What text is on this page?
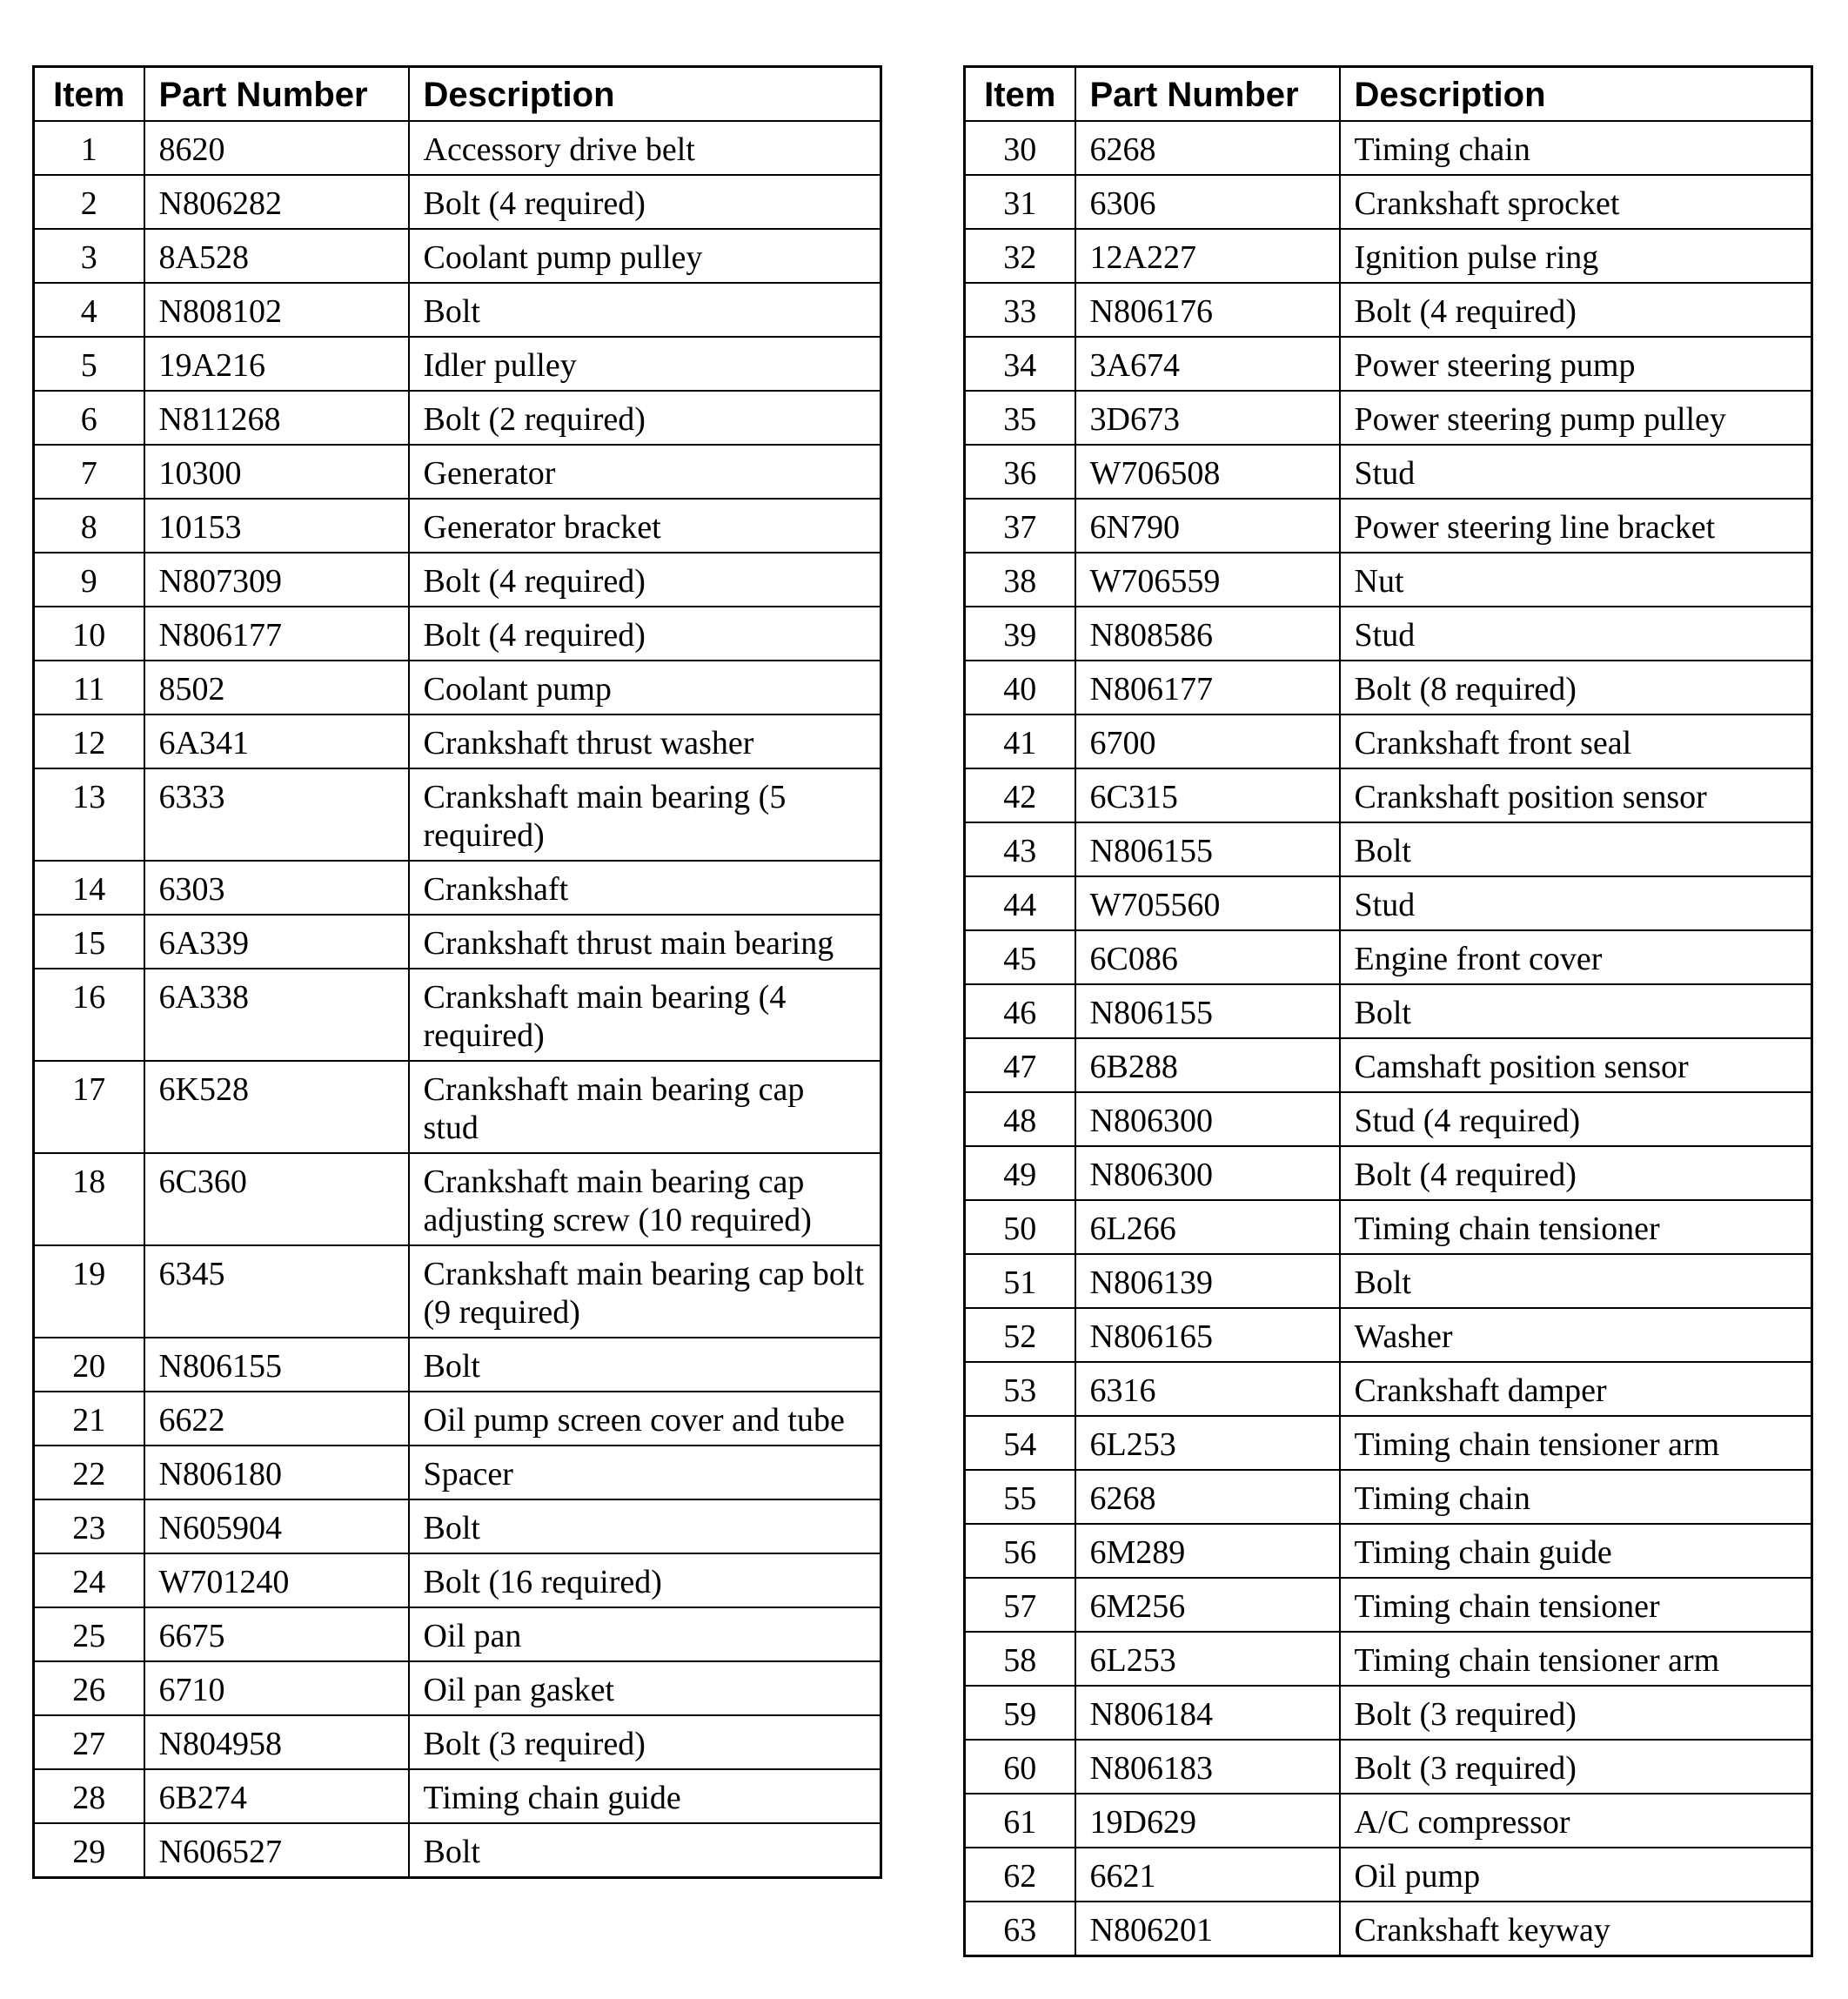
Item	Part Number	Description
1	8620	Accessory drive belt
2	N806282	Bolt (4 required)
3	8A528	Coolant pump pulley
4	N808102	Bolt
5	19A216	Idler pulley
6	N811268	Bolt (2 required)
7	10300	Generator
8	10153	Generator bracket
9	N807309	Bolt (4 required)
10	N806177	Bolt (4 required)
11	8502	Coolant pump
12	6A341	Crankshaft thrust washer
13	6333	Crankshaft main bearing (5 required)
14	6303	Crankshaft
15	6A339	Crankshaft thrust main bearing
16	6A338	Crankshaft main bearing (4 required)
17	6K528	Crankshaft main bearing cap stud
18	6C360	Crankshaft main bearing cap adjusting screw (10 required)
19	6345	Crankshaft main bearing cap bolt (9 required)
20	N806155	Bolt
21	6622	Oil pump screen cover and tube
22	N806180	Spacer
23	N605904	Bolt
24	W701240	Bolt (16 required)
25	6675	Oil pan
26	6710	Oil pan gasket
27	N804958	Bolt (3 required)
28	6B274	Timing chain guide
29	N606527	Bolt
Item	Part Number	Description
30	6268	Timing chain
31	6306	Crankshaft sprocket
32	12A227	Ignition pulse ring
33	N806176	Bolt (4 required)
34	3A674	Power steering pump
35	3D673	Power steering pump pulley
36	W706508	Stud
37	6N790	Power steering line bracket
38	W706559	Nut
39	N808586	Stud
40	N806177	Bolt (8 required)
41	6700	Crankshaft front seal
42	6C315	Crankshaft position sensor
43	N806155	Bolt
44	W705560	Stud
45	6C086	Engine front cover
46	N806155	Bolt
47	6B288	Camshaft position sensor
48	N806300	Stud (4 required)
49	N806300	Bolt (4 required)
50	6L266	Timing chain tensioner
51	N806139	Bolt
52	N806165	Washer
53	6316	Crankshaft damper
54	6L253	Timing chain tensioner arm
55	6268	Timing chain
56	6M289	Timing chain guide
57	6M256	Timing chain tensioner
58	6L253	Timing chain tensioner arm
59	N806184	Bolt (3 required)
60	N806183	Bolt (3 required)
61	19D629	A/C compressor
62	6621	Oil pump
63	N806201	Crankshaft keyway
